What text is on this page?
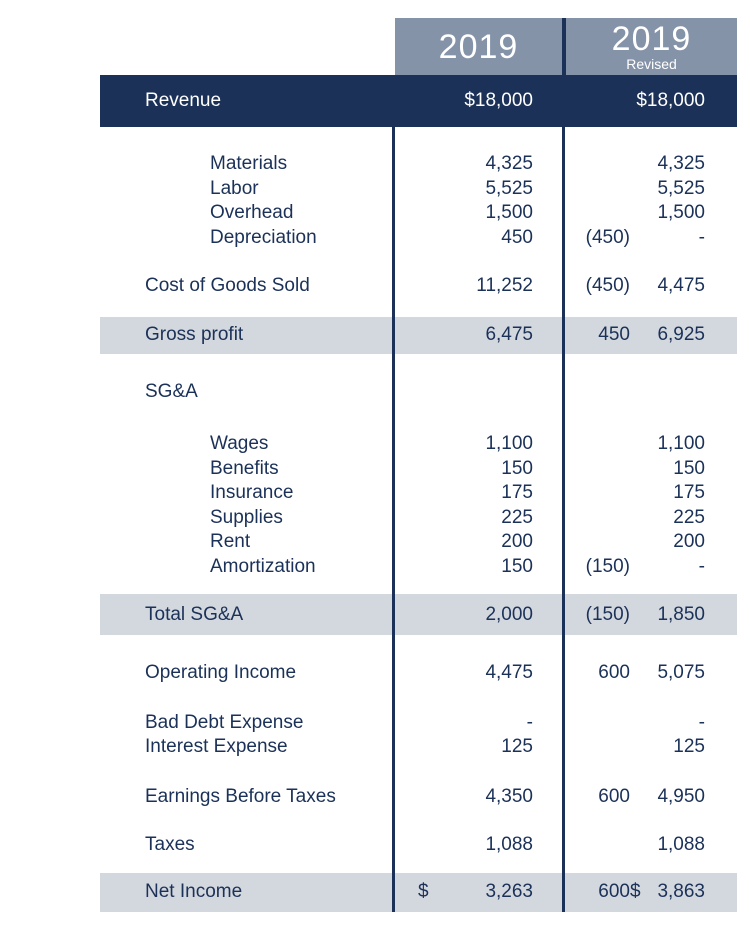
2019	2019
Revised
Revenue	$18,000	$18,000
Materials	4,325	4,325
Labor	5,525	5,525
Overhead	1,500	1,500
Depreciation	450	(450)	-
Cost of Goods Sold	11,252	(450) 4,475
Gross profit	6,475	450 6,925
SG&A
Wages	1,100	1,100
Benefits	150	150
Insurance	175	175
Supplies	225	225
Rent	200	200
Amortization	150	(150)	-
Total SG&A	2,000	(150) 1,850
Operating Income	4,475	600 5,075
Bad Debt Expense	-	-
Interest Expense	125	125
Earnings Before Taxes	4,350	600 4,950
Taxes	1,088	1,088
Net Income	$	3,263	600 $ 3,863
